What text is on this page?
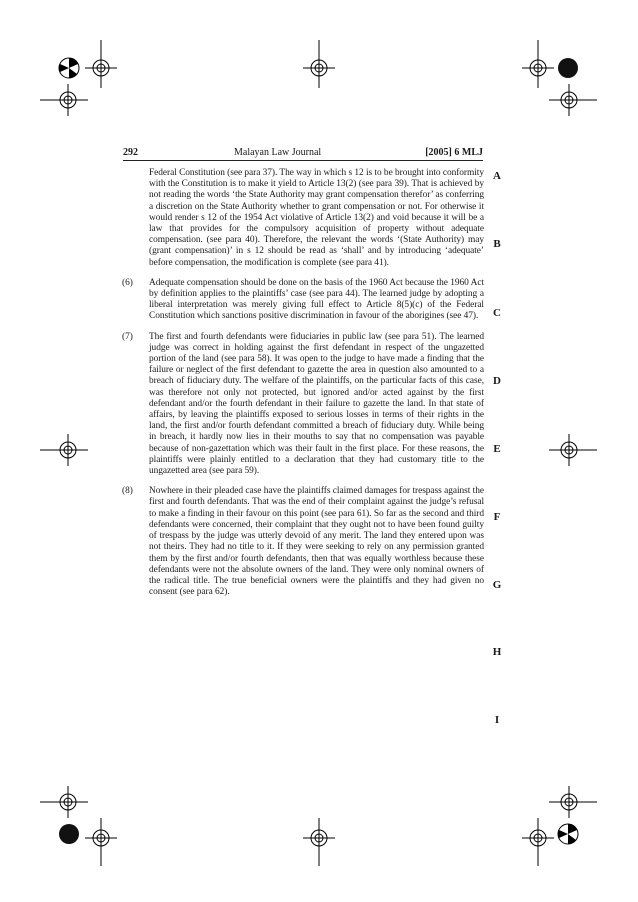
292	Malayan Law Journal	[2005] 6 MLJ
Federal Constitution (see para 37). The way in which s 12 is to be brought into conformity with the Constitution is to make it yield to Article 13(2) (see para 39). That is achieved by not reading the words ‘the State Authority may grant compensation therefor’ as conferring a discretion on the State Authority whether to grant compensation or not. For otherwise it would render s 12 of the 1954 Act violative of Article 13(2) and void because it will be a law that provides for the compulsory acquisition of property without adequate compensation. (see para 40). Therefore, the relevant the words ‘(State Authority) may (grant compensation)’ in s 12 should be read as ‘shall’ and by introducing ‘adequate’ before compensation, the modification is complete (see para 41).
(6) Adequate compensation should be done on the basis of the 1960 Act because the 1960 Act by definition applies to the plaintiffs’ case (see para 44). The learned judge by adopting a liberal interpretation was merely giving full effect to Article 8(5)(c) of the Federal Constitution which sanctions positive discrimination in favour of the aborigines (see 47).
(7) The first and fourth defendants were fiduciaries in public law (see para 51). The learned judge was correct in holding against the first defendant in respect of the ungazetted portion of the land (see para 58). It was open to the judge to have made a finding that the failure or neglect of the first defendant to gazette the area in question also amounted to a breach of fiduciary duty. The welfare of the plaintiffs, on the particular facts of this case, was therefore not only not protected, but ignored and/or acted against by the first defendant and/or the fourth defendant in their failure to gazette the land. In that state of affairs, by leaving the plaintiffs exposed to serious losses in terms of their rights in the land, the first and/or fourth defendant committed a breach of fiduciary duty. While being in breach, it hardly now lies in their mouths to say that no compensation was payable because of non-gazettation which was their fault in the first place. For these reasons, the plaintiffs were plainly entitled to a declaration that they had customary title to the ungazetted area (see para 59).
(8) Nowhere in their pleaded case have the plaintiffs claimed damages for trespass against the first and fourth defendants. That was the end of their complaint against the judge’s refusal to make a finding in their favour on this point (see para 61). So far as the second and third defendants were concerned, their complaint that they ought not to have been found guilty of trespass by the judge was utterly devoid of any merit. The land they entered upon was not theirs. They had no title to it. If they were seeking to rely on any permission granted them by the first and/or fourth defendants, then that was equally worthless because these defendants were not the absolute owners of the land. They were only nominal owners of the radical title. The true beneficial owners were the plaintiffs and they had given no consent (see para 62).
A
B
C
D
E
F
G
H
I
